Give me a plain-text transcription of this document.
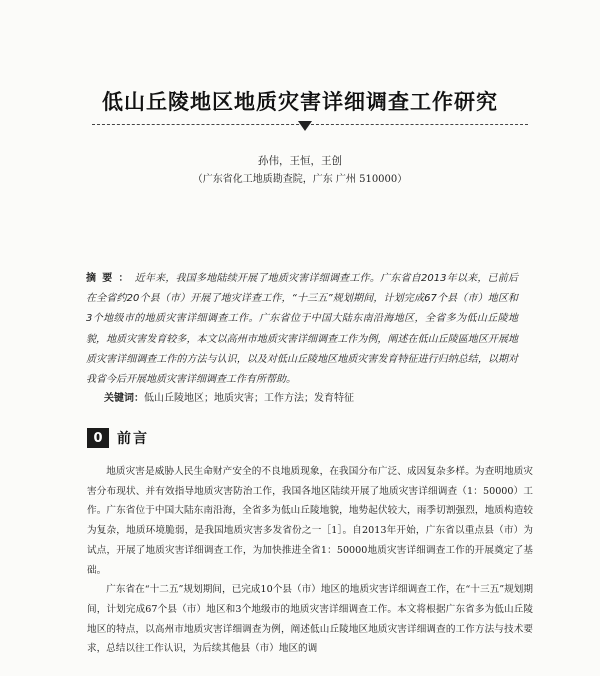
低山丘陵地区地质灾害详细调查工作研究
孙伟，王恒，王创
（广东省化工地质勘查院，广东 广州 510000）
摘要：近年来，我国多地陆续开展了地质灾害详细调查工作。广东省自2013年以来，已前后在全省约20个县（市）开展了地灾详查工作，“十三五”规划期间，计划完成67个县（市）地区和3个地级市的地质灾害详细调查工作。广东省位于中国大陆东南沿海地区，全省多为低山丘陵地貌，地质灾害发育较多，本文以高州市地质灾害详细调查工作为例，阐述在低山丘陵區地区开展地质灾害详细调查工作的方法与认识，以及对低山丘陵地区地质灾害发育特征进行归纳总结，以期对我省今后开展地质灾害详细调查工作有所帮助。
关键词：低山丘陵地区；地质灾害；工作方法；发育特征
0	前言

地质灾害是威胁人民生命财产安全的不良地质现象，在我国分布广泛、成因复杂多样。为查明地质灾害分布现状、并有效指导地质灾害防治工作，我国各地区陆续开展了地质灾害详细调查（1：50000）工作。广东省位于中国大陆东南沿海，全省多为低山丘陵地貌，地势起伏较大，雨季切割强烈，地质构造较为复杂，地质环境脆弱，是我国地质灾害多发省份之一［1］。自2013年开始，广东省以重点县（市）为试点，开展了地质灾害详细调查工作，为加快推进全省1：50000地质灾害详细调查工作的开展奠定了基础。

广东省在“十二五”规划期间，已完成10个县（市）地区的地质灾害详细调查工作，在“十三五”规划期间，计划完成67个县（市）地区和3个地级市的地质灾害详细调查工作。本文将根据广东省多为低山丘陵地区的特点，以高州市地质灾害详细调查为例，阐述低山丘陵地区地质灾害详细调查的工作方法与技术要求，总结以往工作认识，为后续其他县（市）地区的调
